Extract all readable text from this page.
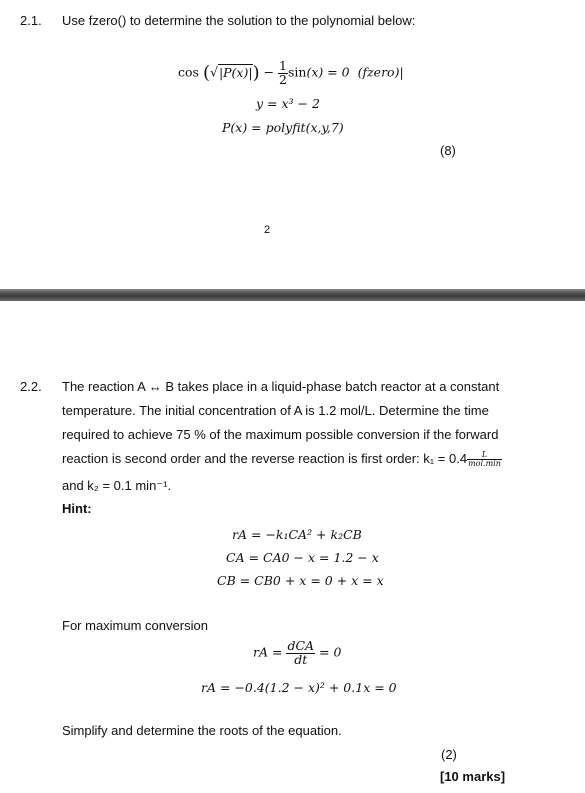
2.1. Use fzero() to determine the solution to the polynomial below:
$\cos (√|P(x)|) - \frac{1}{2} \sin(x) = 0$  (fzero)|
y = x³ − 2
P(x) = polyfit(x,y,7)
(8)
2
2.2. The reaction A ↔ B takes place in a liquid-phase batch reactor at a constant
temperature. The initial concentration of A is 1.2 mol/L. Determine the time
required to achieve 75 % of the maximum possible conversion if the forward
reaction is second order and the reverse reaction is first order: $k_1 = 0.4 \frac{L}{\text{mol.min}}$
and k₂ = 0.1 min⁻¹.
Hint:
rA = −k₁CA² + k₂CB
CA = CA0 − x = 1.2 − x
CB = CB0 + x = 0 + x = x
For maximum conversion
rA = $\frac{\text{dCA}}{dt} = 0$
rA = −0.4(1.2 − x)² + 0.1x = 0
Simplify and determine the roots of the equation.
(2)
[10 marks]
